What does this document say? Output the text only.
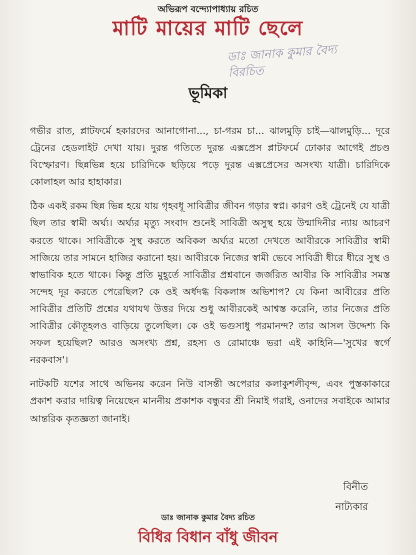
অভিরূপ বন্দ্যোপাধ্যায় রচিত
মাটি মায়ের মাটি ছেলে
ডাঃ জানাক কুমার বৈদ্য বিরচিত
ভূমিকা

গভীর রাত, প্লাটফর্মে হকারদের আনাগোনা..., চা-গরম চা... ঝালমুড়ি চাই—ঝালমুড়ি... দূরে ট্রেনের হেডলাইট দেখা যায়। দুরন্ত গতিতে দুরন্ত এক্সপ্রেস প্লাটফর্মে ঢোকার আগেই প্রচণ্ড বিস্ফোরণ। ছিন্নভিন্ন হয়ে চারিদিকে ছড়িয়ে পড়ে দুরন্ত এক্সপ্রেসের অসংখ্য যাত্রী। চারিদিকে কোলাহল আর হাহাকার।

ঠিক একই রকম ছিন্ন ভিন্ন হয়ে যায় গৃহবধূ সাবিত্রীর জীবন গড়ার স্বপ্ন। কারণ ওই ট্রেনেই যে যাত্রী ছিল তার স্বামী অর্ঘ্য। অর্ঘ্যর মৃত্যু সংবাদ শুনেই সাবিত্রী অসুস্থ হয়ে উন্মাদিনীর ন্যায় আচরণ করতে থাকে। সাবিত্রীকে সুস্থ করতে অবিকল অর্ঘ্যর মতো দেখতে আবীরকে সাবিত্রীর স্বামী সাজিয়ে তার সামনে হাজির করানো হয়। আবীরকে নিজের স্বামী ভেবে সাবিত্রী ধীরে ধীরে সুস্থ ও স্বাভাবিক হতে থাকে। কিন্তু প্রতি মুহূর্তে সাবিত্রীর প্রশ্নবানে জর্জরিত আবীর কি সাবিত্রীর সমস্ত সন্দেহ দূর করতে পেরেছিল? কে ওই অর্ধদগ্ধ বিকলাঙ্গ অভিশাপ? যে কিনা আবীরের প্রতি সাবিত্রীর প্রতিটি প্রশ্নের যথাযথ উত্তর দিয়ে শুধু আবীরকেই আশ্বস্ত করেনি, তার নিজের প্রতি সাবিত্রীর কৌতূহলও বাড়িয়ে তুলেছিল। কে ওই ভগুসাধু পরমানন্দ? তার আসল উদ্দেশ্য কি সফল হয়েছিল? আরও অসংখ্য প্রশ্ন, রহস্য ও রোমাঞ্চে ভরা এই কাহিনি—'সুখের স্বর্গে নরকবাস'।

নাটকটি যশের সাথে অভিনয় করেন নিউ বাসন্তী অপেরার কলাকুশলীবৃন্দ, এবং পুস্তকাকারে প্রকাশ করার দায়িত্ব নিয়েছেন মাননীয় প্রকাশক বন্ধুবর শ্রী নিমাই গরাই, ওনাদের সবাইকে আমার আন্তরিক কৃতজ্ঞতা জানাই।

বিনীত
নাট্যকার
ডাঃ জানাক কুমার বৈদ্য রচিত
বিধির বিধান বাঁধু জীবন
